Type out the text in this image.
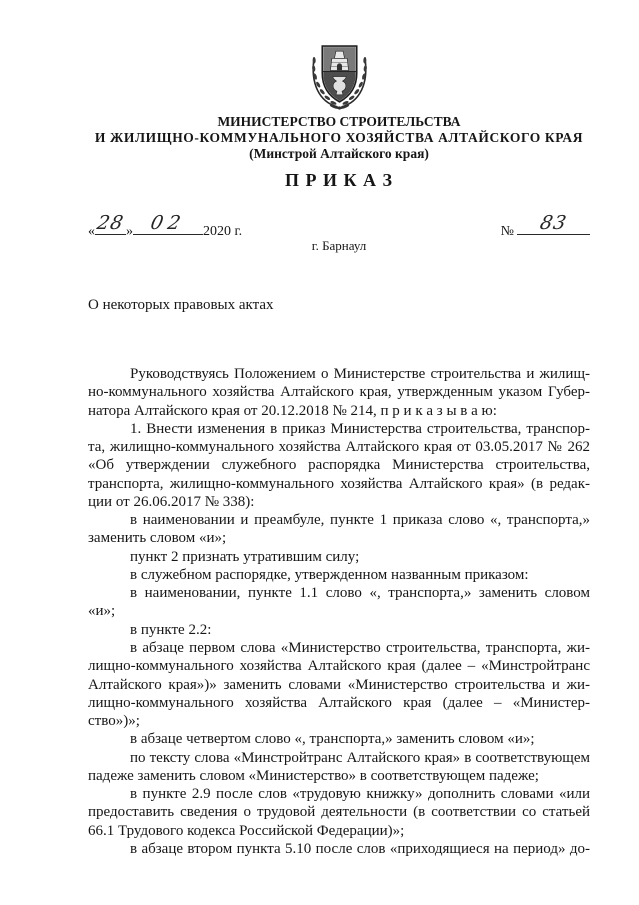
МИНИСТЕРСТВО СТРОИТЕЛЬСТВА
И ЖИЛИЩНО-КОММУНАЛЬНОГО ХОЗЯЙСТВА АЛТАЙСКОГО КРАЯ
(Минстрой Алтайского края)
П Р И К А З
« 28 » 02	2020 г.	№	83
г. Барнаул
О некоторых правовых актах
Руководствуясь Положением о Министерстве строительства и жилищ-
но-коммунального хозяйства Алтайского края, утвержденным указом Губер-
натора Алтайского края от 20.12.2018 № 214, п р и к а з ы в а ю:
1. Внести изменения в приказ Министерства строительства, транспор-
та, жилищно-коммунального хозяйства Алтайского края от 03.05.2017 № 262
«Об утверждении служебного распорядка Министерства строительства,
транспорта, жилищно-коммунального хозяйства Алтайского края» (в редак-
ции от 26.06.2017 № 338):
в наименовании и преамбуле, пункте 1 приказа слово «, транспорта,»
заменить словом «и»;
пункт 2 признать утратившим силу;
в служебном распорядке, утвержденном названным приказом:
в наименовании, пункте 1.1 слово «, транспорта,» заменить словом
«и»;
в пункте 2.2:
в абзаце первом слова «Министерство строительства, транспорта, жи-
лищно-коммунального хозяйства Алтайского края (далее – «Минстройтранс
Алтайского края»)» заменить словами «Министерство строительства и жи-
лищно-коммунального хозяйства Алтайского края (далее – «Министер-
ство»)»;
в абзаце четвертом слово «, транспорта,» заменить словом «и»;
по тексту слова «Минстройтранс Алтайского края» в соответствующем
падеже заменить словом «Министерство» в соответствующем падеже;
в пункте 2.9 после слов «трудовую книжку» дополнить словами «или
предоставить сведения о трудовой деятельности (в соответствии со статьей
66.1 Трудового кодекса Российской Федерации)»;
в абзаце втором пункта 5.10 после слов «приходящиеся на период» до-
